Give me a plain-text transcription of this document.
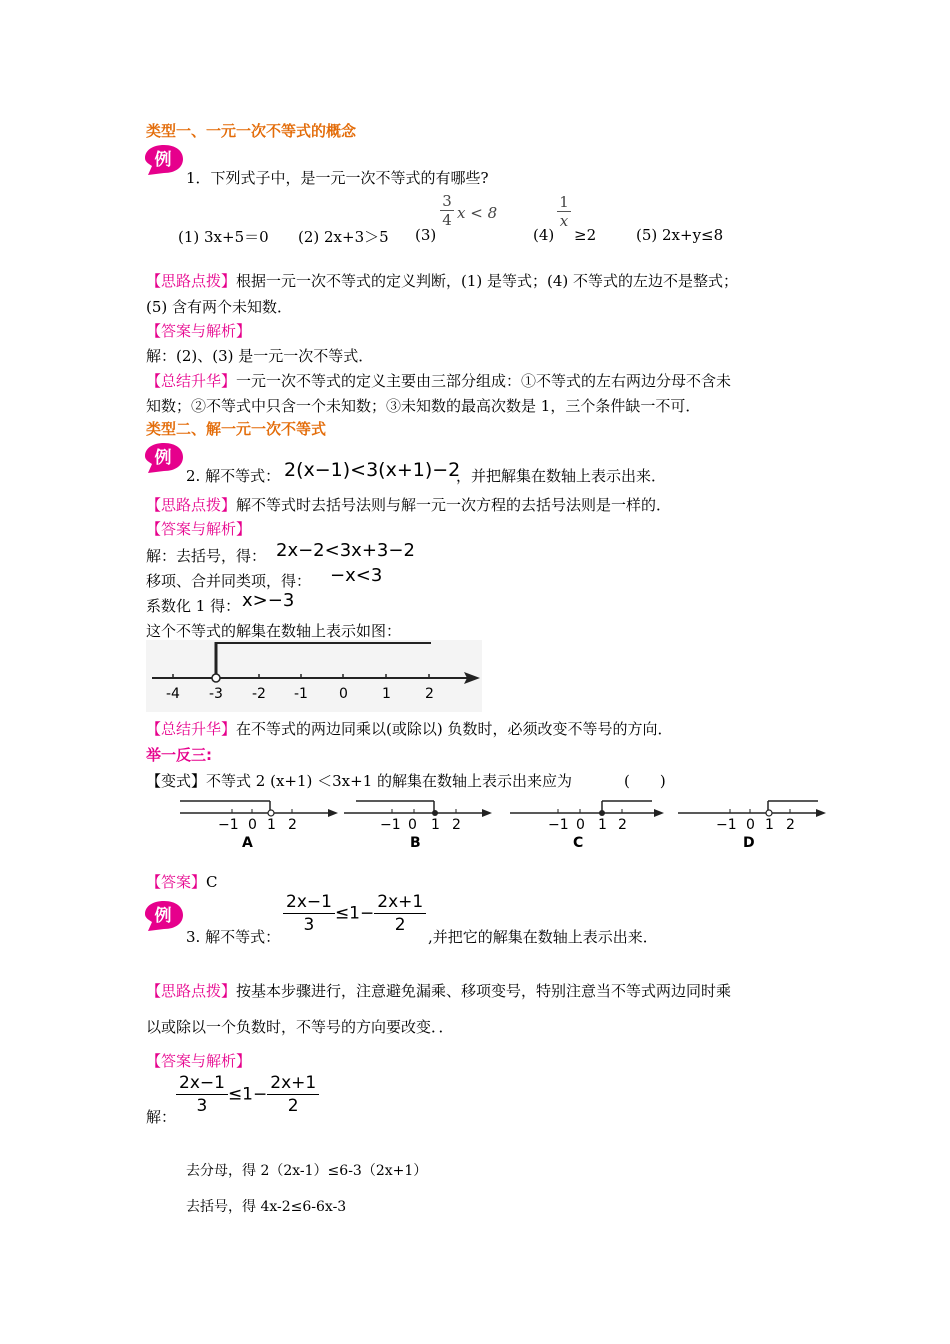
类型一、一元一次不等式的概念
例
1．下列式子中，是一元一次不等式的有哪些?
(1) 3x+5＝0 (2) 2x+3＞5 (3)
$\frac{3}{4}$ x < 8
(4)
$\frac{1}{x}$
≥2	(5) 2x+y≤8
【思路点拨】根据一元一次不等式的定义判断，(1) 是等式；(4) 不等式的左边不是整式；
(5) 含有两个未知数．
【答案与解析】
解：(2)、(3) 是一元一次不等式．
【总结升华】一元一次不等式的定义主要由三部分组成：①不等式的左右两边分母不含未
知数；②不等式中只含一个未知数；③未知数的最高次数是 1，三个条件缺一不可．
类型二、解一元一次不等式
例
2. 解不等式： 2(x−1)<3(x+1)−2
，并把解集在数轴上表示出来．
【思路点拨】解不等式时去括号法则与解一元一次方程的去括号法则是一样的．
【答案与解析】
解：去括号，得： 2x−2<3x+3−2
移项、合并同类项，得： −x<3
系数化 1 得： x>−3
这个不等式的解集在数轴上表示如图：
-4 -3 -2 -1 0 1 2
【总结升华】在不等式的两边同乘以(或除以) 负数时，必须改变不等号的方向．
举一反三:
【变式】不等式 2 (x+1) ＜3x+1 的解集在数轴上表示出来应为	(　　)
−1 0 1 2
A
−1 0 1 2
B
−1 0 1 2
C
−1 0 1 2
D
【答案】C
例
3. 解不等式：
$\frac{2x-1}{3} \le 1- \frac{2x+1}{2}$
,并把它的解集在数轴上表示出来．
【思路点拨】按基本步骤进行，注意避免漏乘、移项变号，特别注意当不等式两边同时乘
以或除以一个负数时，不等号的方向要改变．．
【答案与解析】
解：
$\frac{2x-1}{3} \le 1- \frac{2x+1}{2}$
去分母，得 2（2x-1）≤6-3（2x+1）
去括号，得 4x-2≤6-6x-3
